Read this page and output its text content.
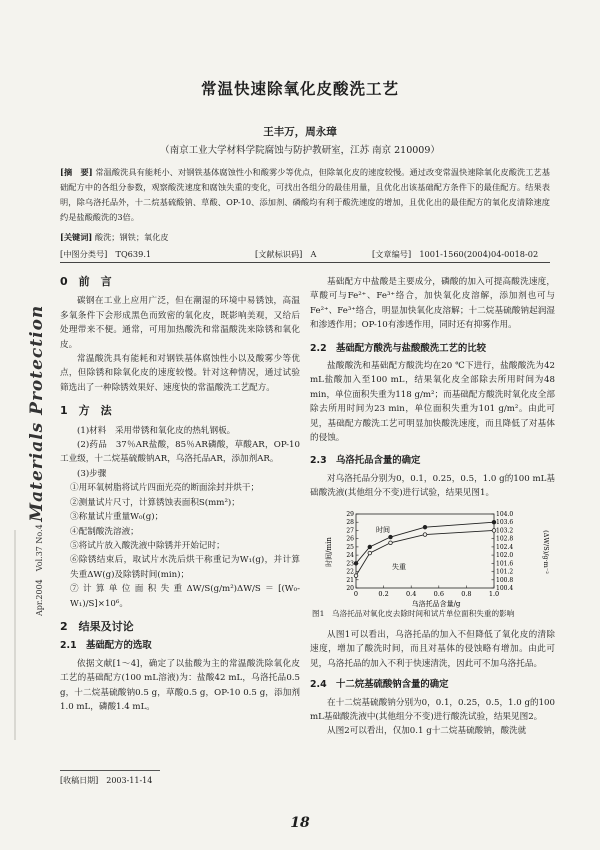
常温快速除氧化皮酸洗工艺
王丰万，周永璋
（南京工业大学材料学院腐蚀与防护教研室，江苏 南京 210009）
[摘　要] 常温酸洗具有能耗小、对钢铁基体腐蚀性小和酸雾少等优点，但除氧化皮的速度较慢。通过改变常温快速除氧化皮酸洗工艺基础配方中的各组分参数，观察酸洗速度和腐蚀失重的变化，可找出各组分的最佳用量，且优化出该基础配方条件下的最佳配方。结果表明，除乌洛托品外，十二烷基硫酸钠、草酸、OP-10、添加剂、磷酸均有利于酸洗速度的增加，且优化出的最佳配方的氧化皮清除速度约是盐酸酸洗的3倍。
[关键词] 酸洗；钢铁；氧化皮
[中图分类号]　TQ639.1	[文献标识码]　A	[文章编号]　1001-1560(2004)04-0018-02
Apr.2004　Vol.37 No.4 Materials Protection
0　前　言
碳钢在工业上应用广泛，但在潮湿的环境中易锈蚀，高温多氧条件下会形成黑色而致密的氧化皮，既影响美观，又给后处理带来不便。通常，可用加热酸洗和常温酸洗来除锈和氧化皮。
常温酸洗具有能耗和对钢铁基体腐蚀性小以及酸雾少等优点，但除锈和除氧化皮的速度较慢。针对这种情况，通过试验筛选出了一种除锈效果好、速度快的常温酸洗工艺配方。
1　方　法
(1)材料　采用带锈和氧化皮的热轧钢板。
(2)药品　37％AR盐酸，85％AR磷酸，草酸AR，OP-10工业级，十二烷基硫酸钠AR，乌洛托品AR，添加剂AR。
(3)步骤
①用环氧树脂将试片四面光亮的断面涂封并烘干；
②测量试片尺寸，计算锈蚀表面积S(mm²)；
③称量试片重量W₀(g)；
④配制酸洗溶液；
⑤将试片放入酸洗液中除锈并开始记时；
⑥除锈结束后，取试片水洗后烘干称重记为W₁(g)，并计算失重ΔW(g)及除锈时间(min)；
⑦计算单位面积失重ΔW/S(g/m²)ΔW/S＝[(W₀-W₁)/S]×10⁶。
2　结果及讨论
2.1　基础配方的选取
依据文献[1～4]，确定了以盐酸为主的常温酸洗除氧化皮工艺的基础配方(100 mL溶液)为：盐酸42 mL，乌洛托品0.5 g，十二烷基硫酸钠0.5 g，草酸0.5 g，OP-10 0.5 g，添加剂1.0 mL，磷酸1.4 mL。
[收稿日期]　2003-11-14
基础配方中盐酸是主要成分，磷酸的加入可提高酸洗速度，草酸可与Fe²⁺、Fe³⁺络合，加快氧化皮溶解，添加剂也可与Fe²⁺、Fe³⁺络合，明显加快氧化皮溶解；十二烷基硫酸钠起润湿和渗透作用；OP-10有渗透作用，同时还有抑雾作用。
2.2　基础配方酸洗与盐酸酸洗工艺的比较
盐酸酸洗和基础配方酸洗均在20 ℃下进行，盐酸酸洗为42 mL盐酸加入至100 mL，结果氧化皮全部除去所用时间为48 min，单位面积失重为118 g/m²；而基础配方酸洗时氧化皮全部除去所用时间为23 min，单位面积失重为101 g/m²。由此可见，基础配方酸洗工艺可明显加快酸洗速度，而且降低了对基体的侵蚀。
2.3　乌洛托品含量的确定
对乌洛托品分别为0，0.1，0.25，0.5，1.0 g的100 mL基础酸洗液(其他组分不变)进行试验，结果见图1。
0	0.2	0.4	0.6	0.8	1.0
20
21
22
23
24
25
26
27
28
29
100.4
100.8
101.2
101.6
102.0
102.4
102.8
103.2
103.6
104.0
时间/min	(ΔW/S)/g·m⁻²
乌洛托品含量/g
时间
失重
图1　乌洛托品对氧化皮去除时间和试片单位面积失重的影响
从图1可以看出，乌洛托品的加入不但降低了氧化皮的清除速度，增加了酸洗时间，而且对基体的侵蚀略有增加。由此可见，乌洛托品的加入不利于快速清洗，因此可不加乌洛托品。
2.4　十二烷基硫酸钠含量的确定
在十二烷基硫酸钠分别为0，0.1，0.25，0.5，1.0 g的100 mL基础酸洗液中(其他组分不变)进行酸洗试验，结果见图2。
从图2可以看出，仅加0.1 g十二烷基硫酸钠，酸洗就
18
